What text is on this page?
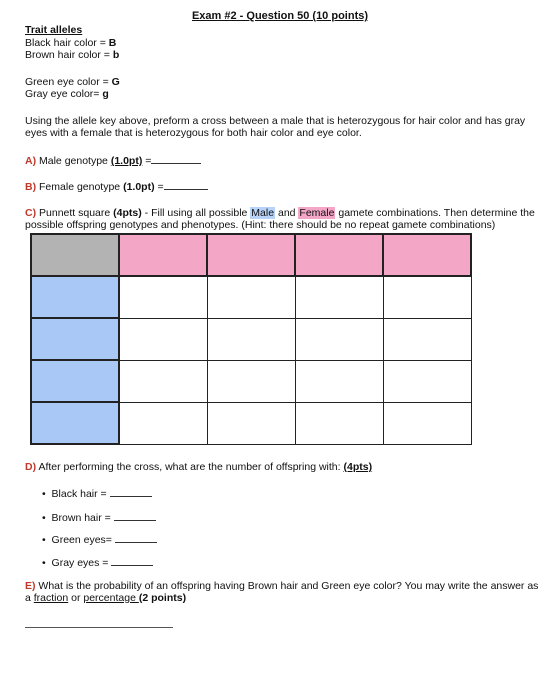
Exam #2 - Question 50 (10 points)
Trait alleles
Black hair color = B
Brown hair color = b
Green eye color = G
Gray eye color= g
Using the allele key above, preform a cross between a male that is heterozygous for hair color and has gray eyes with a female that is heterozygous for both hair color and eye color.
A) Male genotype (1.0pt) =
B) Female genotype (1.0pt) =
C) Punnett square (4pts) - Fill using all possible Male and Female gamete combinations. Then determine the possible offspring genotypes and phenotypes. (Hint: there should be no repeat gamete combinations)

D) After performing the cross, what are the number of offspring with: (4pts)
• Black hair =
• Brown hair =
• Green eyes=
• Gray eyes =
E) What is the probability of an offspring having Brown hair and Green eye color? You may write the answer as a fraction or percentage (2 points)
